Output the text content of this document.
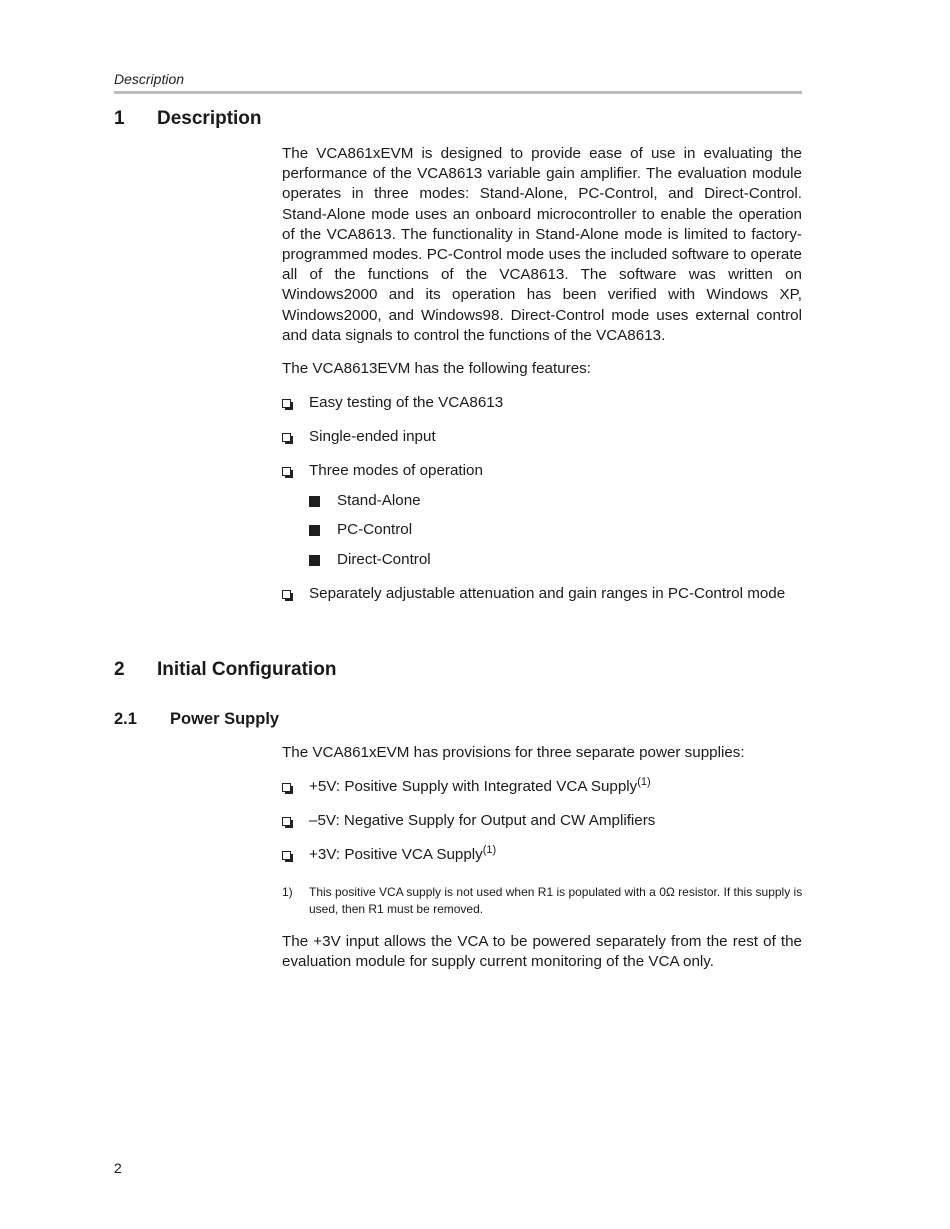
Description
1 Description
The VCA861xEVM is designed to provide ease of use in evaluating the performance of the VCA8613 variable gain amplifier. The evaluation module operates in three modes: Stand-Alone, PC-Control, and Direct-Control. Stand-Alone mode uses an onboard microcontroller to enable the operation of the VCA8613. The functionality in Stand-Alone mode is limited to factory-programmed modes. PC-Control mode uses the included software to operate all of the functions of the VCA8613. The software was written on Windows2000 and its operation has been verified with Windows XP, Windows2000, and Windows98. Direct-Control mode uses external control and data signals to control the functions of the VCA8613.
The VCA8613EVM has the following features:
Easy testing of the VCA8613
Single-ended input
Three modes of operation
Stand-Alone
PC-Control
Direct-Control
Separately adjustable attenuation and gain ranges in PC-Control mode
2 Initial Configuration
2.1 Power Supply
The VCA861xEVM has provisions for three separate power supplies:
+5V: Positive Supply with Integrated VCA Supply$^{(1)}$
–5V: Negative Supply for Output and CW Amplifiers
+3V: Positive VCA Supply$^{(1)}$
1) This positive VCA supply is not used when R1 is populated with a 0Ω resistor. If this supply is used, then R1 must be removed.
The +3V input allows the VCA to be powered separately from the rest of the evaluation module for supply current monitoring of the VCA only.
2
